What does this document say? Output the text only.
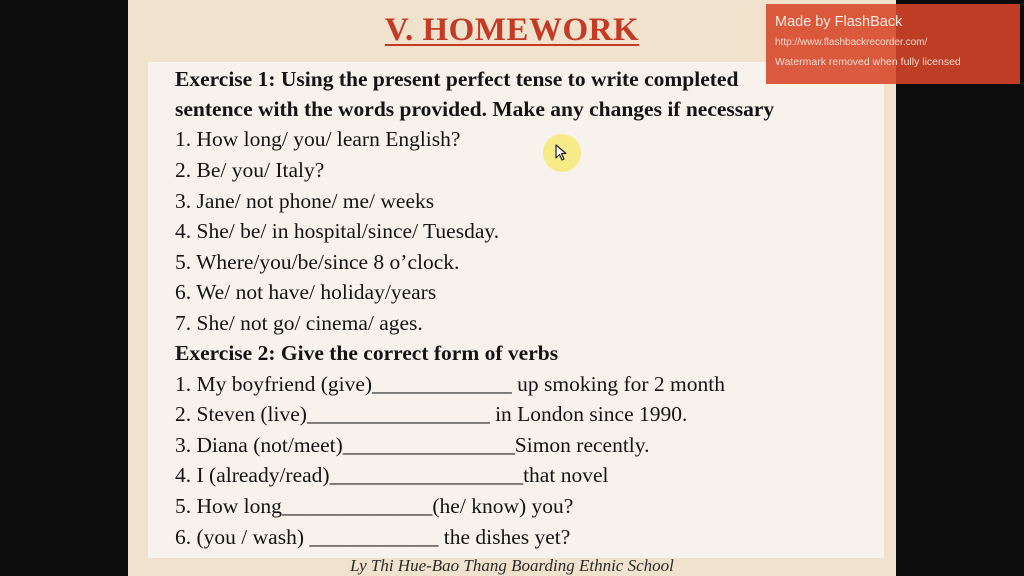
V. HOMEWORK
Exercise 1: Using the present perfect tense to write completed
sentence with the words provided. Make any changes if necessary
1. How long/ you/ learn English?
2. Be/ you/ Italy?
3. Jane/ not phone/ me/ weeks
4. She/ be/ in hospital/since/ Tuesday.
5. Where/you/be/since 8 o’clock.
6. We/ not have/ holiday/years
7. She/ not go/ cinema/ ages.
Exercise 2: Give the correct form of verbs
1. My boyfriend (give)_____________ up smoking for 2 month
2. Steven (live)_________________ in London since 1990.
3. Diana (not/meet)________________Simon recently.
4. I (already/read)__________________that novel
5. How long______________(he/ know) you?
6. (you / wash) ____________ the dishes yet?
Ly Thi Hue-Bao Thang Boarding Ethnic School
Made by FlashBack
http://www.flashbackrecorder.com/
Watermark removed when fully licensed
